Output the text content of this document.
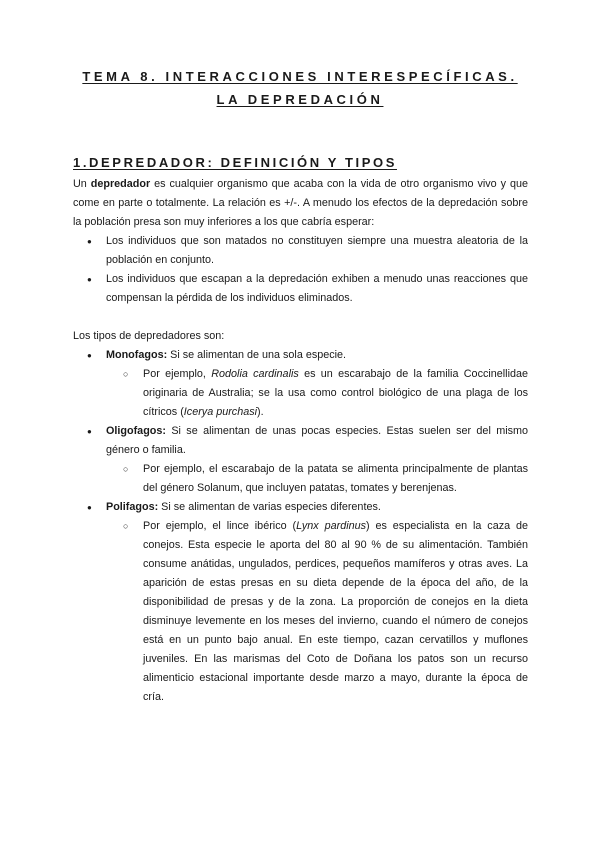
TEMA 8. INTERACCIONES INTERESPECÍFICAS.
LA DEPREDACIÓN
1.DEPREDADOR: DEFINICIÓN Y TIPOS

Un depredador es cualquier organismo que acaba con la vida de otro organismo vivo y que come en parte o totalmente. La relación es +/-. A menudo los efectos de la depredación sobre la población presa son muy inferiores a los que cabría esperar:

● Los individuos que son matados no constituyen siempre una muestra aleatoria de la población en conjunto.
● Los individuos que escapan a la depredación exhiben a menudo unas reacciones que compensan la pérdida de los individuos eliminados.

Los tipos de depredadores son:

● Monofagos: Si se alimentan de una sola especie.
○ Por ejemplo, Rodolia cardinalis es un escarabajo de la familia Coccinellidae originaria de Australia; se la usa como control biológico de una plaga de los cítricos (Icerya purchasi).
● Oligofagos: Si se alimentan de unas pocas especies. Estas suelen ser del mismo género o familia.
○ Por ejemplo, el escarabajo de la patata se alimenta principalmente de plantas del género Solanum, que incluyen patatas, tomates y berenjenas.
● Polifagos: Si se alimentan de varias especies diferentes.
○ Por ejemplo, el lince ibérico (Lynx pardinus) es especialista en la caza de conejos. Esta especie le aporta del 80 al 90 % de su alimentación. También consume anátidas, ungulados, perdices, pequeños mamíferos y otras aves. La aparición de estas presas en su dieta depende de la época del año, de la disponibilidad de presas y de la zona. La proporción de conejos en la dieta disminuye levemente en los meses del invierno, cuando el número de conejos está en un punto bajo anual. En este tiempo, cazan cervatillos y muflones juveniles. En las marismas del Coto de Doñana los patos son un recurso alimenticio estacional importante desde marzo a mayo, durante la época de cría.
